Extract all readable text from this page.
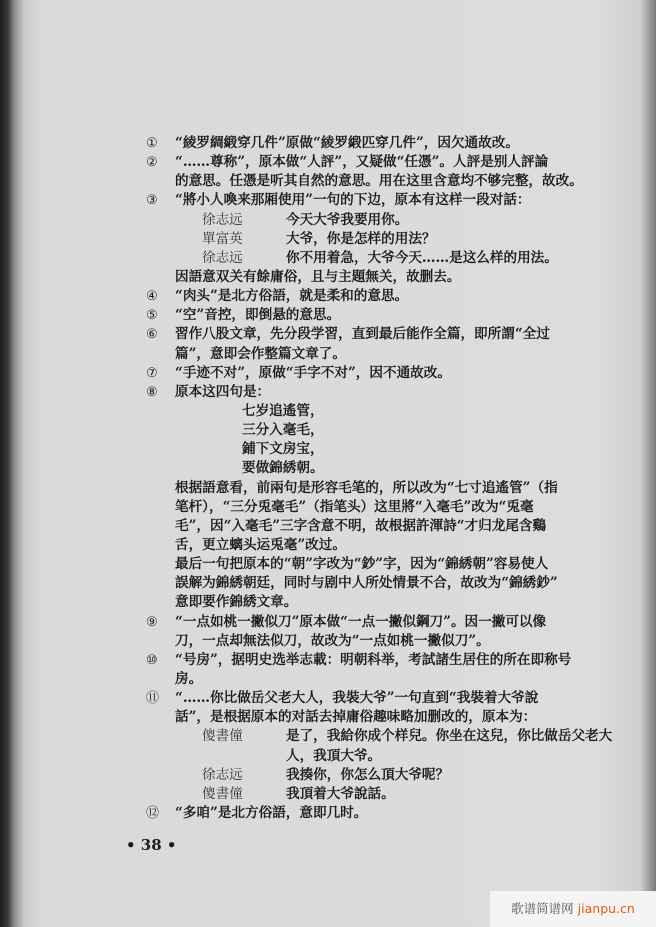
① “綾罗綢緞穿几件”原做“綾罗緞匹穿几件”，因欠通故改。
② “……尊称”，原本做“人評”，又疑做“任憑”。人評是别人評論
的意思。任憑是听其自然的意思。用在这里含意均不够完整，故改。
③ “將小人喚来那厢使用”一句的下边，原本有这样一段对話：
徐志远	今天大爷我要用你。
單富英	大爷，你是怎样的用法？
徐志远	你不用着急，大爷今天……是这么样的用法。
因語意双关有餘庸俗，且与主題無关，故删去。
④ “肉头”是北方俗語，就是柔和的意思。
⑤ “空”音控，即倒悬的意思。
⑥ 習作八股文章，先分段学習，直到最后能作全篇，即所謂“全过
篇”，意即会作整篇文章了。
⑦ “手迹不对”，原做“手字不对”，因不通故改。
⑧ 原本这四句是：
七岁追遙管，
三分入毫毛，
鋪下文房宝，
要做錦綉朝。
根据語意看，前兩句是形容毛笔的，所以改为“七寸追遙管”（指
笔杆），“三分兎毫毛”（指笔头）这里將“入毫毛”改为“兎毫
毛”，因“入毫毛”三字含意不明，故根据許渾詩“才归龙尾含鷄
舌，更立螭头运兎毫”改过。
最后一句把原本的“朝”字改为“鈔”字，因为“錦綉朝”容易使人
誤解为錦綉朝廷，同时与剧中人所处情景不合，故改为“錦綉鈔”
意即要作錦綉文章。
⑨ “一点如桃一撇似刀”原本做“一点一撇似鋼刀”。因一撇可以像
刀，一点却無法似刀，故改为“一点如桃一撇似刀”。
⑩ “号房”，据明史选举志載：明朝科举，考試諸生居住的所在即称号
房。
⑪ “……你比做岳父老大人，我裝大爷”一句直到“我裝着大爷說
話”，是根据原本的对話去掉庸俗趣味略加删改的，原本为：
傻書僮	是了，我給你成个样兒。你坐在这兒，你比做岳父老大
人，我頂大爷。
徐志远	我揍你，你怎么頂大爷呢？
傻書僮	我頂着大爷說話。
⑫ “多咱”是北方俗語，意即几时。
• 38 •
歌谱简谱网 jianpu.cn
